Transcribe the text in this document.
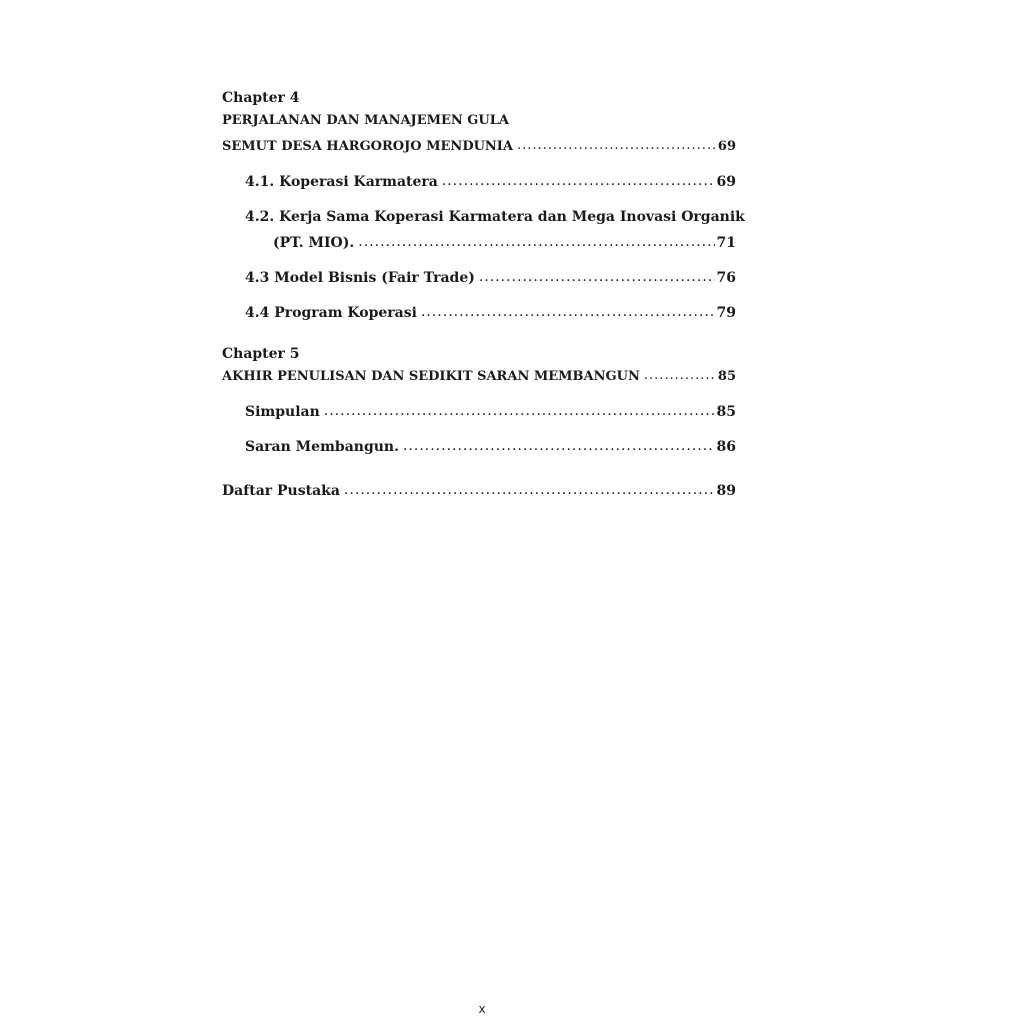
Chapter 4
PERJALANAN DAN MANAJEMEN GULA
SEMUT DESA HARGOROJO MENDUNIA .....	69
4.1. Koperasi Karmatera .....	69
4.2. Kerja Sama Koperasi Karmatera dan Mega Inovasi Organik
(PT. MIO). .....	71
4.3 Model Bisnis (Fair Trade) .....	76
4.4 Program Koperasi .....	79
Chapter 5
AKHIR PENULISAN DAN SEDIKIT SARAN MEMBANGUN .....	85
Simpulan .....	85
Saran Membangun. .....	86
Daftar Pustaka .....	89
x
